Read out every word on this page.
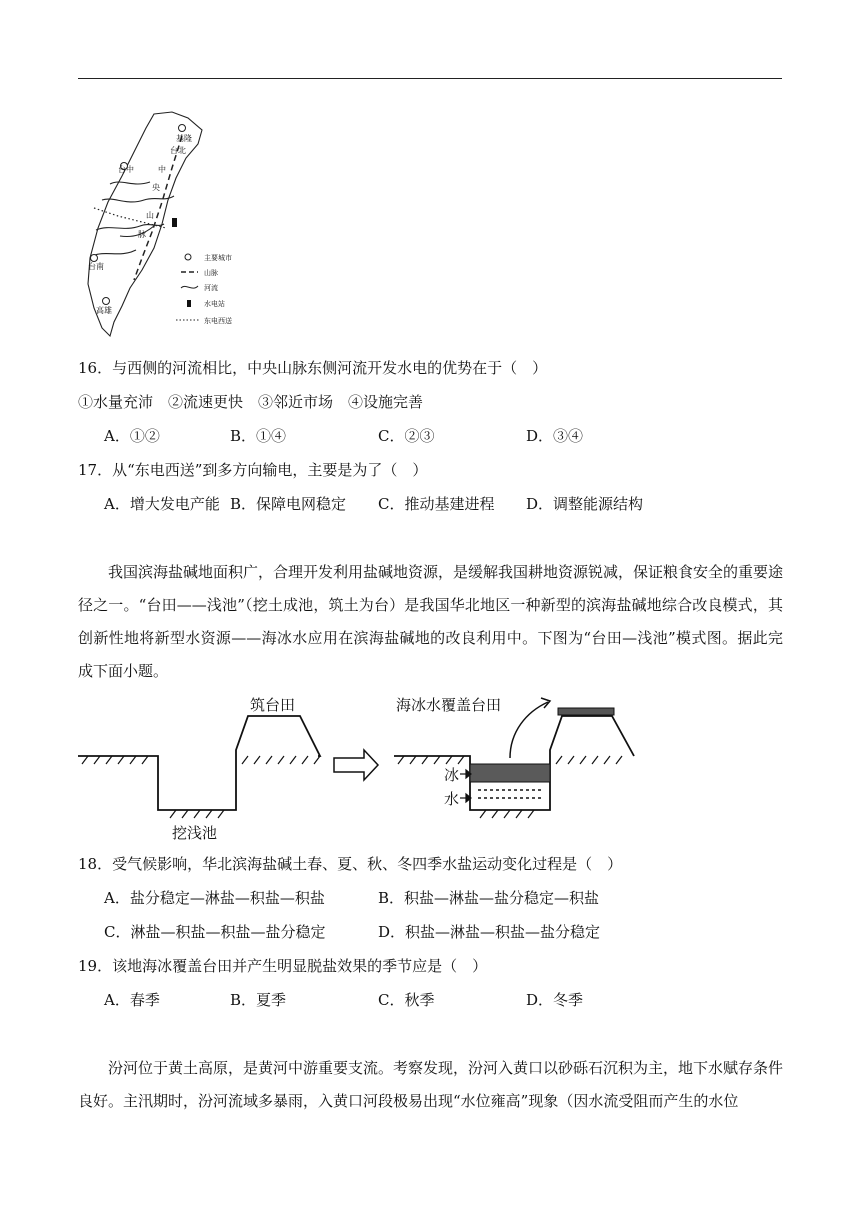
基隆
台北
台中	中
央
山
脉
台南
高雄
主要城市
山脉
河流
水电站
东电西送
16．与西侧的河流相比，中央山脉东侧河流开发水电的优势在于（　）
①水量充沛　②流速更快　③邻近市场　④设施完善
A．①②	B．①④	C．②③	D．③④
17．从“东电西送”到多方向输电，主要是为了（　）
A．增大发电产能 B．保障电网稳定 C．推动基建进程 D．调整能源结构

我国滨海盐碱地面积广，合理开发利用盐碱地资源，是缓解我国耕地资源锐减，保证粮食安全的重要途径之一。“台田——浅池”（挖土成池，筑土为台）是我国华北地区一种新型的滨海盐碱地综合改良模式，其创新性地将新型水资源——海冰水应用在滨海盐碱地的改良利用中。下图为“台田—浅池”模式图。据此完成下面小题。

筑台田
挖浅池
海冰水覆盖台田
冰
水
18．受气候影响，华北滨海盐碱土春、夏、秋、冬四季水盐运动变化过程是（　）
A．盐分稳定—淋盐—积盐—积盐	B．积盐—淋盐—盐分稳定—积盐
C．淋盐—积盐—积盐—盐分稳定	D．积盐—淋盐—积盐—盐分稳定
19．该地海冰覆盖台田并产生明显脱盐效果的季节应是（　）
A．春季	B．夏季	C．秋季	D．冬季

汾河位于黄土高原，是黄河中游重要支流。考察发现，汾河入黄口以砂砾石沉积为主，地下水赋存条件良好。主汛期时，汾河流域多暴雨，入黄口河段极易出现“水位雍高”现象（因水流受阻而产生的水位
